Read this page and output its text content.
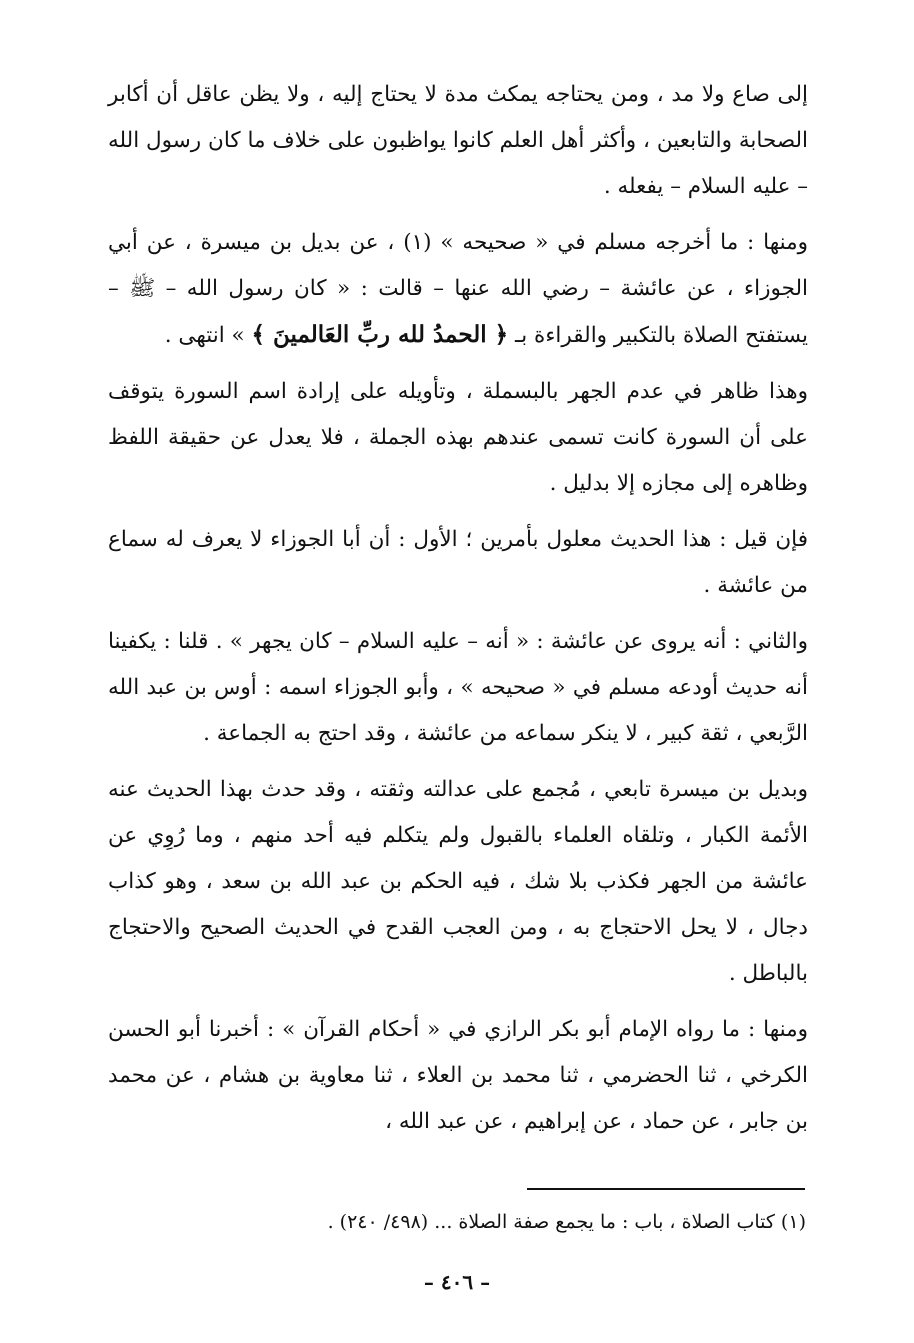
إلى صاع ولا مد ، ومن يحتاجه يمكث مدة لا يحتاج إليه ، ولا يظن عاقل أن أكابر الصحابة والتابعين ، وأكثر أهل العلم كانوا يواظبون على خلاف ما كان رسول الله – عليه السلام – يفعله .

ومنها : ما أخرجه مسلم في « صحيحه » (١) ، عن بديل بن ميسرة ، عن أبي الجوزاء ، عن عائشة – رضي الله عنها – قالت : « كان رسول الله – ﷺ – يستفتح الصلاة بالتكبير والقراءة بـ ﴿ الحمدُ لله ربِّ العَالمينَ ﴾ » انتهى .

وهذا ظاهر في عدم الجهر بالبسملة ، وتأويله على إرادة اسم السورة يتوقف على أن السورة كانت تسمى عندهم بهذه الجملة ، فلا يعدل عن حقيقة اللفظ وظاهره إلى مجازه إلا بدليل .

فإن قيل : هذا الحديث معلول بأمرين ؛ الأول : أن أبا الجوزاء لا يعرف له سماع من عائشة .

والثاني : أنه يروى عن عائشة : « أنه – عليه السلام – كان يجهر » . قلنا : يكفينا أنه حديث أودعه مسلم في « صحيحه » ، وأبو الجوزاء اسمه : أوس بن عبد الله الرَّبعي ، ثقة كبير ، لا ينكر سماعه من عائشة ، وقد احتج به الجماعة .

وبديل بن ميسرة تابعي ، مُجمع على عدالته وثقته ، وقد حدث بهذا الحديث عنه الأئمة الكبار ، وتلقاه العلماء بالقبول ولم يتكلم فيه أحد منهم ، وما رُوِي عن عائشة من الجهر فكذب بلا شك ، فيه الحكم بن عبد الله بن سعد ، وهو كذاب دجال ، لا يحل الاحتجاج به ، ومن العجب القدح في الحديث الصحيح والاحتجاج بالباطل .

ومنها : ما رواه الإمام أبو بكر الرازي في « أحكام القرآن » : أخبرنا أبو الحسن الكرخي ، ثنا الحضرمي ، ثنا محمد بن العلاء ، ثنا معاوية بن هشام ، عن محمد بن جابر ، عن حماد ، عن إبراهيم ، عن عبد الله ،

(١) كتاب الصلاة ، باب : ما يجمع صفة الصلاة ... (٤٩٨/ ٢٤٠) .

– ٤٠٦ –
